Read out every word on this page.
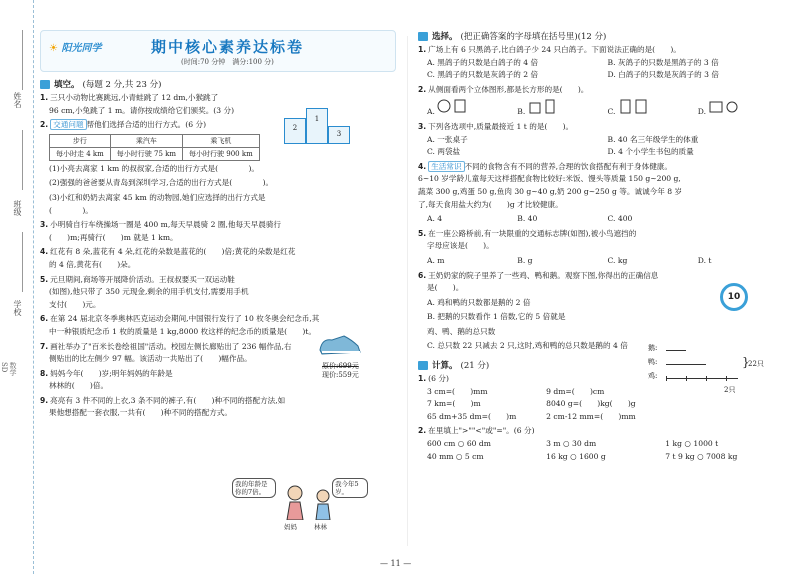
姓名
班级
学校
数学
SD
☀ 阳光同学	期中核心素养达标卷
(时间:70 分钟　满分:100 分)
填空。 (每题 2 分,共 23 分)
1. 三只小动物比赛跳远,小青蛙跳了 12 dm,小猴跳了
96 cm,小兔跳了 1 m。请你按成绩给它们颁奖。(3 分)
2. 交通问题 帮他们选择合适的出行方式。(6 分)
步行	乘汽车	乘飞机
每小时走 4 km	每小时行驶 75 km	每小时行驶 900 km
(1)小亮去离家 1 km 的叔叔家,合适的出行方式是(　　　　)。
(2)强强的爸爸要从青岛到深圳学习,合适的出行方式是(　　　　)。
(3)小红和奶奶去离家 45 km 的动物园,她们应选择的出行方式是
(　　　　)。
3. 小明骑自行车绕操场一圈是 400 m,每天早晨骑 2 圈,他每天早晨骑行
(　　)m;再骑行(　　)m 就是 1 km。
4. 红花有 8 朵,蓝花有 4 朵,红花的朵数是蓝花的(　　)倍;黄花的朵数是红花
的 4 倍,黄花有(　　)朵。
5. 元旦期间,商场等开展降价活动。王叔叔要买一双运动鞋
(如图),他只带了 350 元现金,剩余的用手机支付,需要用手机
支付(　　)元。
6. 在第 24 届北京冬季奥林匹克运动会期间,中国银行发行了 10 枚冬奥会纪念币,其
中一种银质纪念币 1 枚的质量是 1 kg,8000 枚这样的纪念币的质量是(　　)t。
7. 画社举办了"百米长卷绘祖国"活动。校园左侧长廊贴出了 236 幅作品,右
侧贴出的比左侧少 97 幅。该活动一共贴出了(　　)幅作品。
8. 妈妈今年(　　)岁;明年妈妈的年龄是
林林的(　　)倍。
9. 亮亮有 3 件不同的上衣,3 条不同的裤子,有(　　)种不同的搭配方法,如
果他想搭配一套衣服,一共有(　　)种不同的搭配方式。
1
2
3
原价:699元
现价:559元
我的年龄是你的7倍。
我今年5岁。
妈妈	林林
选择。 (把正确答案的字母填在括号里)(12 分)
1. 广场上有 6 只黑鸽子,比白鸽子少 24 只白鸽子。下面说法正确的是(　　)。
A. 黑鸽子的只数是白鸽子的 4 倍	B. 灰鸽子的只数是黑鸽子的 3 倍
C. 黑鸽子的只数是灰鸽子的 2 倍	D. 白鸽子的只数是灰鸽子的 3 倍
2. 从侧面看两个立体图形,都是长方形的是(　　)。
A.	B.	C.	D.
3. 下列各选项中,质量最接近 1 t 的是(　　)。
A. 一张桌子	B. 40 名三年级学生的体重
C. 两袋盐	D. 4 个小学生书包的质量
4. 生活常识 不同的食物含有不同的营养,合理的饮食搭配有利于身体健康。
6~10 岁学龄儿童每天这样搭配食物比较好:米饭、馒头等质量 150 g~200 g,
蔬菜 300 g,鸡蛋 50 g,鱼肉 30 g~40 g,奶 200 g~250 g 等。诚诚今年 8 岁
了,每天食用盐大约为(　　)g 才比较健康。
A. 4	B. 40	C. 400
5. 在一座公路桥前,有一块限重的交通标志牌(如图),被小鸟遮挡的
字母应该是(　　)。
A. m	B. g	C. kg	D. t
6. 王奶奶家的院子里养了一些鸡、鸭和鹅。观察下图,你得出的正确信息
是(　　)。
A. 鸡和鸭的只数都是鹅的 2 倍
B. 把鹅的只数看作 1 倍数,它的 5 倍就是
鸡、鸭、鹅的总只数
C. 总只数 22 只减去 2 只,这时,鸡和鸭的总只数是鹅的 4 倍
计算。 (21 分)
1. (6 分)
3 cm=(　　)mm	9 dm=(　　)cm
7 km=(　　)m	8040 g=(　　)kg(　　)g
65 dm+35 dm=(　　)m	2 cm-12 mm=(　　)mm
2. 在里填上">""<"或"="。(6 分)
600 cm ○ 60 dm	3 m ○ 30 dm	1 kg ○ 1000 t
40 mm ○ 5 cm	16 kg ○ 1600 g	7 t 9 kg ○ 7008 kg
10
鹅:
鸭:
鸡:
}
22只
2只
— 11 —
